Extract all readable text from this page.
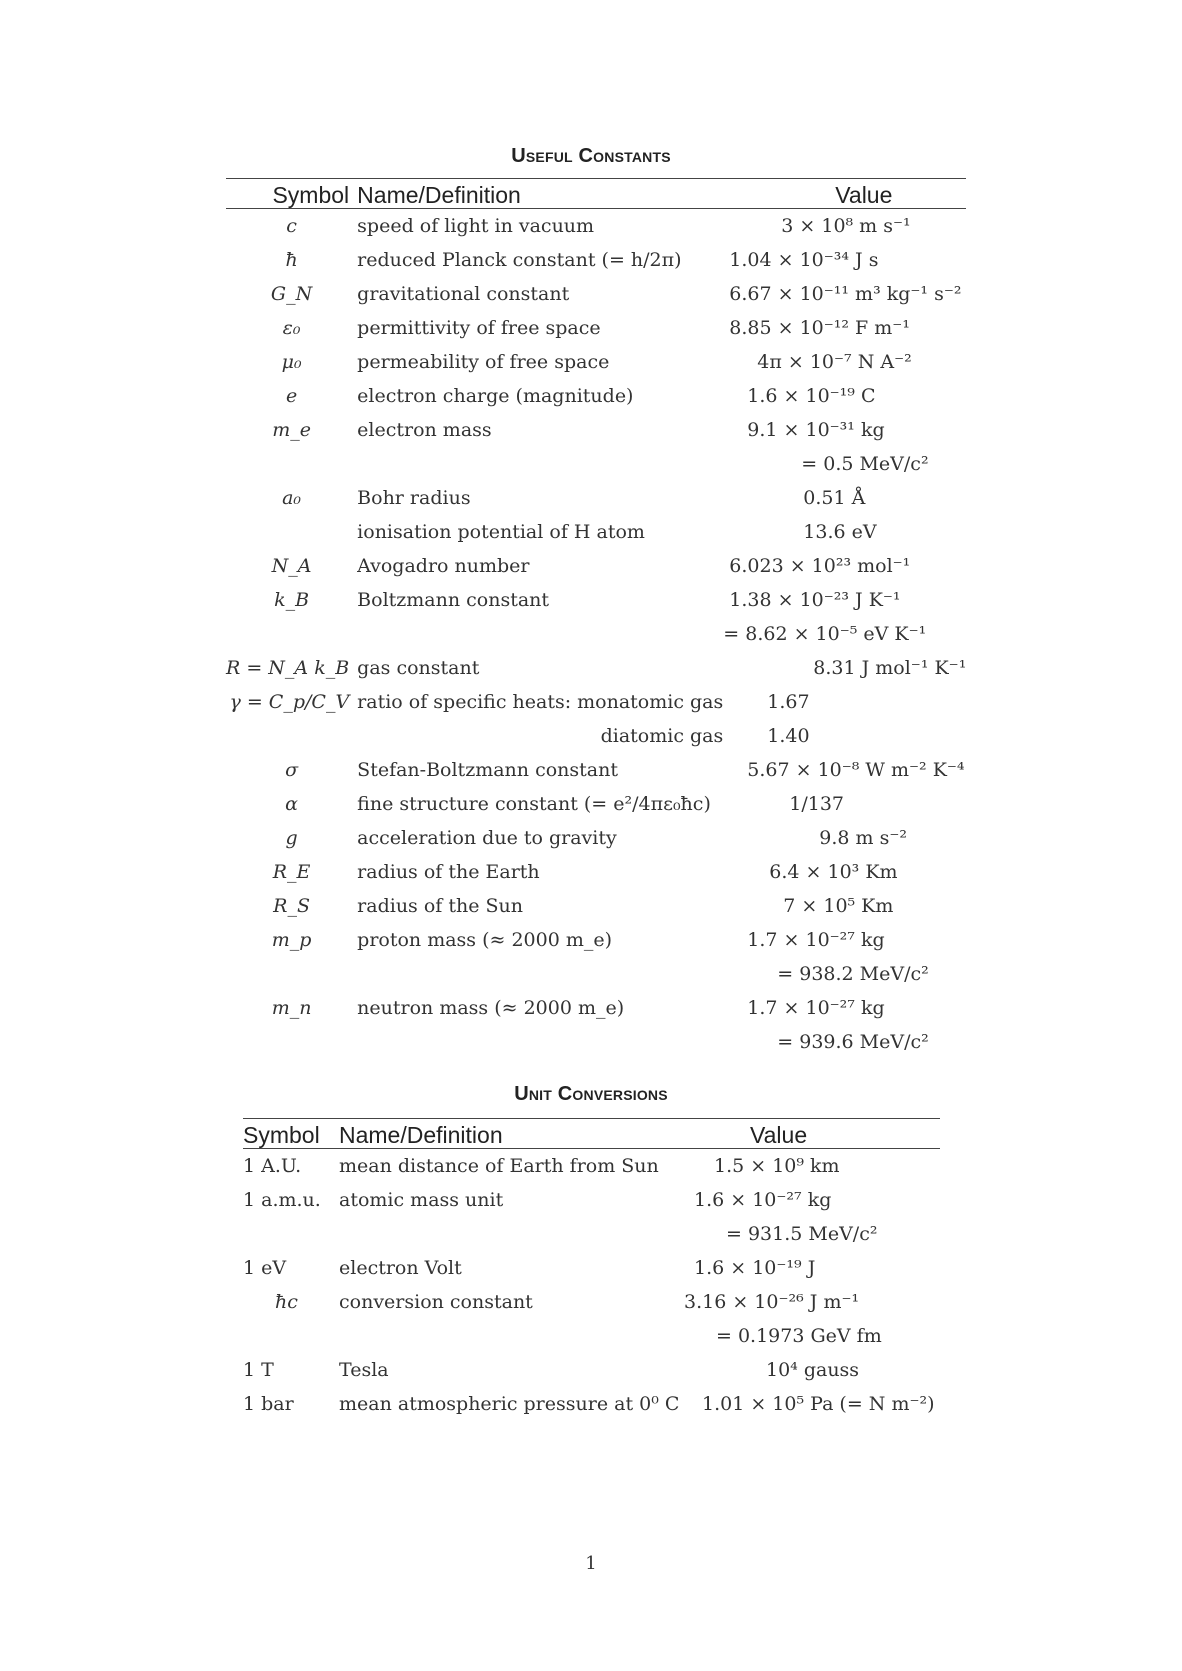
Useful Constants
Symbol	Name/Definition	Value
c	speed of light in vacuum	3 × 10⁸ m s⁻¹
ħ	reduced Planck constant (= h/2π)	1.04 × 10⁻³⁴ J s
G_N	gravitational constant	6.67 × 10⁻¹¹ m³ kg⁻¹ s⁻²
ε₀	permittivity of free space	8.85 × 10⁻¹² F m⁻¹
μ₀	permeability of free space	4π × 10⁻⁷ N A⁻²
e	electron charge (magnitude)	1.6 × 10⁻¹⁹ C
m_e	electron mass	9.1 × 10⁻³¹ kg
		= 0.5 MeV/c²
a₀	Bohr radius	0.51 Å
	ionisation potential of H atom	13.6 eV
N_A	Avogadro number	6.023 × 10²³ mol⁻¹
k_B	Boltzmann constant	1.38 × 10⁻²³ J K⁻¹
		= 8.62 × 10⁻⁵ eV K⁻¹
R = N_A k_B	gas constant	8.31 J mol⁻¹ K⁻¹
γ = C_p/C_V	ratio of specific heats: monatomic gas	1.67
	diatomic gas	1.40
σ	Stefan-Boltzmann constant	5.67 × 10⁻⁸ W m⁻² K⁻⁴
α	fine structure constant (= e²/4πε₀ħc)	1/137
g	acceleration due to gravity	9.8 m s⁻²
R_E	radius of the Earth	6.4 × 10³ Km
R_S	radius of the Sun	7 × 10⁵ Km
m_p	proton mass (≈ 2000 m_e)	1.7 × 10⁻²⁷ kg
		= 938.2 MeV/c²
m_n	neutron mass (≈ 2000 m_e)	1.7 × 10⁻²⁷ kg
		= 939.6 MeV/c²
Unit Conversions
Symbol	Name/Definition	Value
1 A.U.	mean distance of Earth from Sun	1.5 × 10⁹ km
1 a.m.u.	atomic mass unit	1.6 × 10⁻²⁷ kg
		= 931.5 MeV/c²
1 eV	electron Volt	1.6 × 10⁻¹⁹ J
ħc	conversion constant	3.16 × 10⁻²⁶ J m⁻¹
		= 0.1973 GeV fm
1 T	Tesla	10⁴ gauss
1 bar	mean atmospheric pressure at 0⁰ C	1.01 × 10⁵ Pa (= N m⁻²)
1
